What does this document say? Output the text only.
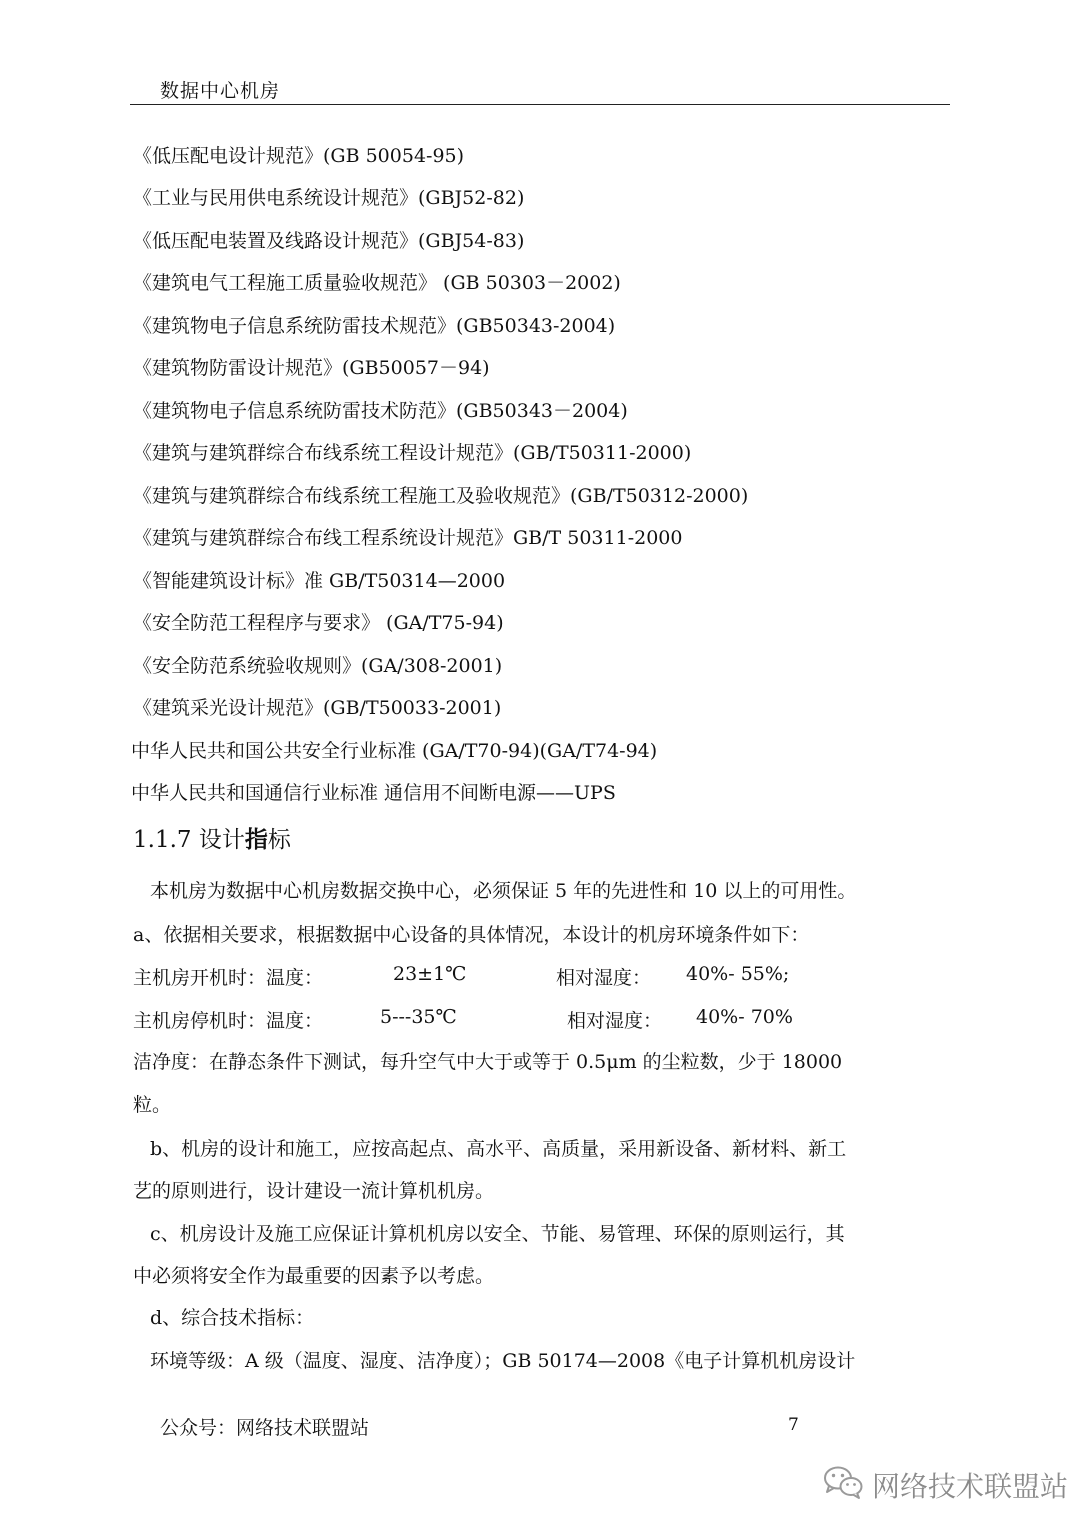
数据中心机房
《低压配电设计规范》(GB 50054-95)
《工业与民用供电系统设计规范》(GBJ52-82)
《低压配电装置及线路设计规范》(GBJ54-83)
《建筑电气工程施工质量验收规范》 (GB 50303－2002)
《建筑物电子信息系统防雷技术规范》(GB50343-2004)
《建筑物防雷设计规范》(GB50057－94)
《建筑物电子信息系统防雷技术防范》(GB50343－2004)
《建筑与建筑群综合布线系统工程设计规范》(GB/T50311-2000)
《建筑与建筑群综合布线系统工程施工及验收规范》(GB/T50312-2000)
《建筑与建筑群综合布线工程系统设计规范》GB/T 50311-2000
《智能建筑设计标》准 GB/T50314—2000
《安全防范工程程序与要求》 (GA/T75-94)
《安全防范系统验收规则》(GA/308-2001)
《建筑采光设计规范》(GB/T50033-2001)
中华人民共和国公共安全行业标准 (GA/T70-94)(GA/T74-94)
中华人民共和国通信行业标准 通信用不间断电源——UPS
1.1.7 设计指标
本机房为数据中心机房数据交换中心，必须保证 5 年的先进性和 10 以上的可用性。
a、依据相关要求，根据数据中心设备的具体情况，本设计的机房环境条件如下：
主机房开机时：温度：	23±1℃	相对湿度： 40%- 55%;
主机房停机时：温度：	5---35℃	相对湿度： 40%- 70%
洁净度：在静态条件下测试，每升空气中大于或等于 0.5μm 的尘粒数，少于 18000
粒。
b、机房的设计和施工，应按高起点、高水平、高质量，采用新设备、新材料、新工
艺的原则进行，设计建设一流计算机机房。
c、机房设计及施工应保证计算机机房以安全、节能、易管理、环保的原则运行，其
中必须将安全作为最重要的因素予以考虑。
d、综合技术指标：
环境等级：A 级（温度、湿度、洁净度）；GB 50174—2008《电子计算机机房设计
公众号：网络技术联盟站	7
网络技术联盟站
